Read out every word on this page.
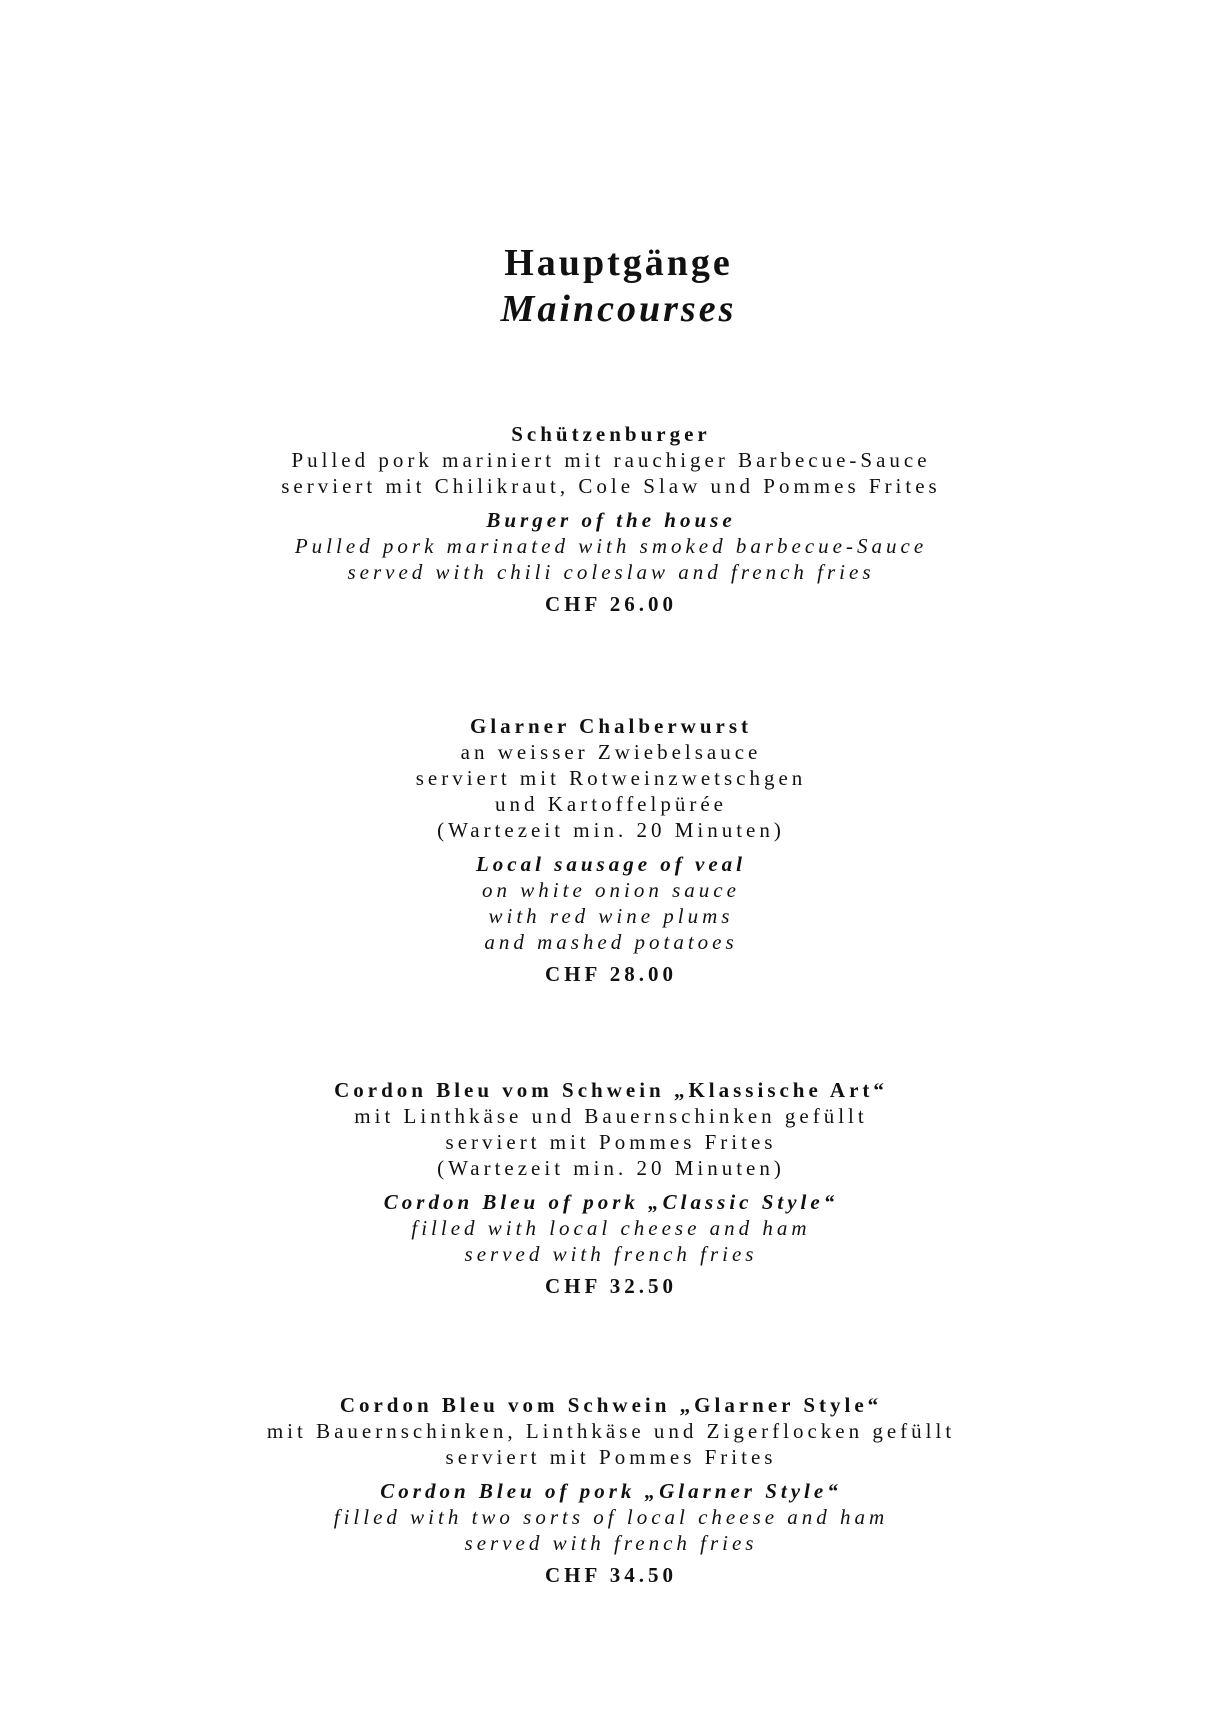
Hauptgänge
Maincourses
Schützenburger
Pulled pork mariniert mit rauchiger Barbecue-Sauce
serviert mit Chilikraut, Cole Slaw und Pommes Frites
Burger of the house
Pulled pork marinated with smoked barbecue-Sauce
served with chili coleslaw and french fries
CHF 26.00
Glarner Chalberwurst
an weisser Zwiebelsauce
serviert mit Rotweinzwetschgen
und Kartoffelpürée
(Wartezeit min. 20 Minuten)
Local sausage of veal
on white onion sauce
with red wine plums
and mashed potatoes
CHF 28.00
Cordon Bleu vom Schwein „Klassische Art“
mit Linthkäse und Bauernschinken gefüllt
serviert mit Pommes Frites
(Wartezeit min. 20 Minuten)
Cordon Bleu of pork „Classic Style“
filled with local cheese and ham
served with french fries
CHF 32.50
Cordon Bleu vom Schwein „Glarner Style“
mit Bauernschinken, Linthkäse und Zigerflocken gefüllt
serviert mit Pommes Frites
Cordon Bleu of pork „Glarner Style“
filled with two sorts of local cheese and ham
served with french fries
CHF 34.50
